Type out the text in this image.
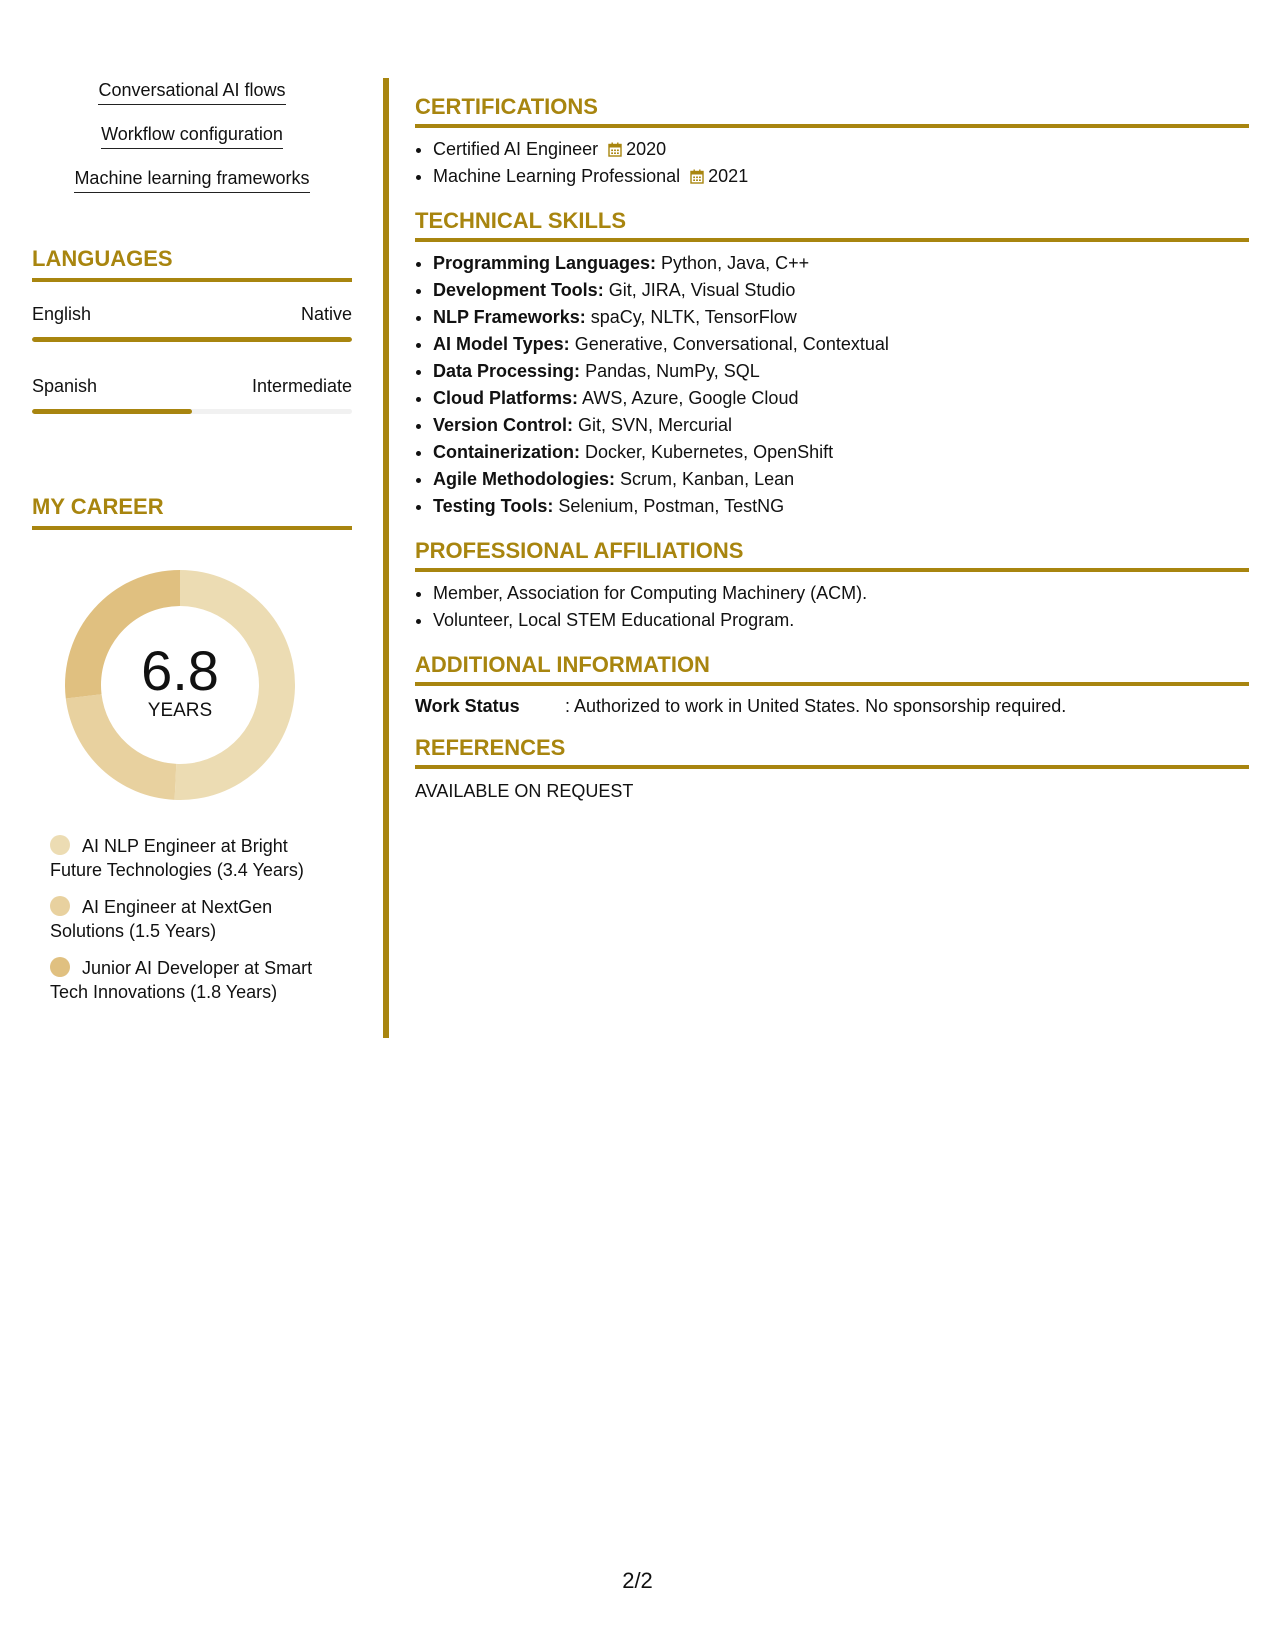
Conversational AI flows
Workflow configuration
Machine learning frameworks
LANGUAGES
English	Native
Spanish	Intermediate
MY CAREER
6.8
YEARS
AI NLP Engineer at Bright Future Technologies (3.4 Years)
AI Engineer at NextGen Solutions (1.5 Years)
Junior AI Developer at Smart Tech Innovations (1.8 Years)
CERTIFICATIONS
• Certified AI Engineer 2020
• Machine Learning Professional 2021
TECHNICAL SKILLS
• Programming Languages: Python, Java, C++
• Development Tools: Git, JIRA, Visual Studio
• NLP Frameworks: spaCy, NLTK, TensorFlow
• AI Model Types: Generative, Conversational, Contextual
• Data Processing: Pandas, NumPy, SQL
• Cloud Platforms: AWS, Azure, Google Cloud
• Version Control: Git, SVN, Mercurial
• Containerization: Docker, Kubernetes, OpenShift
• Agile Methodologies: Scrum, Kanban, Lean
• Testing Tools: Selenium, Postman, TestNG
PROFESSIONAL AFFILIATIONS
• Member, Association for Computing Machinery (ACM).
• Volunteer, Local STEM Educational Program.
ADDITIONAL INFORMATION
Work Status	: Authorized to work in United States. No sponsorship required.
REFERENCES
AVAILABLE ON REQUEST
2/2
